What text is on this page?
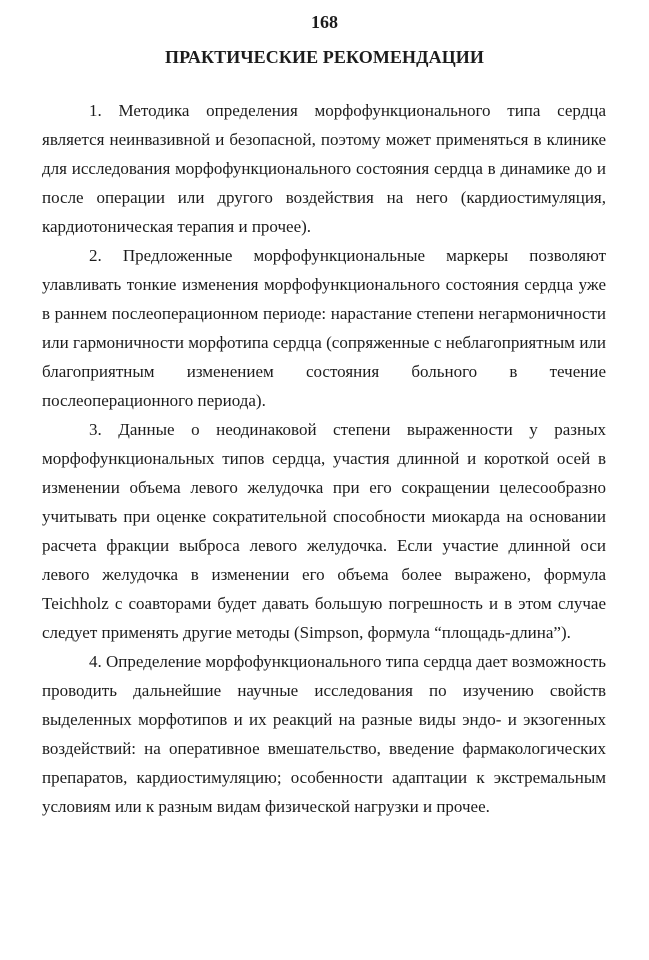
168
ПРАКТИЧЕСКИЕ РЕКОМЕНДАЦИИ

1. Методика определения морфофункционального типа сердца является неинвазивной и безопасной, поэтому может применяться в клинике для исследования морфофункционального состояния сердца в динамике до и после операции или другого воздействия на него (кардиостимуляция, кардиотоническая терапия и прочее).

2. Предложенные морфофункциональные маркеры позволяют улавливать тонкие изменения морфофункционального состояния сердца уже в раннем послеоперационном периоде: нарастание степени негармоничности или гармоничности морфотипа сердца (сопряженные с неблагоприятным или благоприятным изменением состояния больного в течение послеоперационного периода).

3. Данные о неодинаковой степени выраженности у разных морфофункциональных типов сердца, участия длинной и короткой осей в изменении объема левого желудочка при его сокращении целесообразно учитывать при оценке сократительной способности миокарда на основании расчета фракции выброса левого желудочка. Если участие длинной оси левого желудочка в изменении его объема более выражено, формула Teichholz с соавторами будет давать большую погрешность и в этом случае следует применять другие методы (Simpson, формула “площадь-длина”).

4. Определение морфофункционального типа сердца дает возможность проводить дальнейшие научные исследования по изучению свойств выделенных морфотипов и их реакций на разные виды эндо- и экзогенных воздействий: на оперативное вмешательство, введение фармакологических препаратов, кардиостимуляцию; особенности адаптации к экстремальным условиям или к разным видам физической нагрузки и прочее.
